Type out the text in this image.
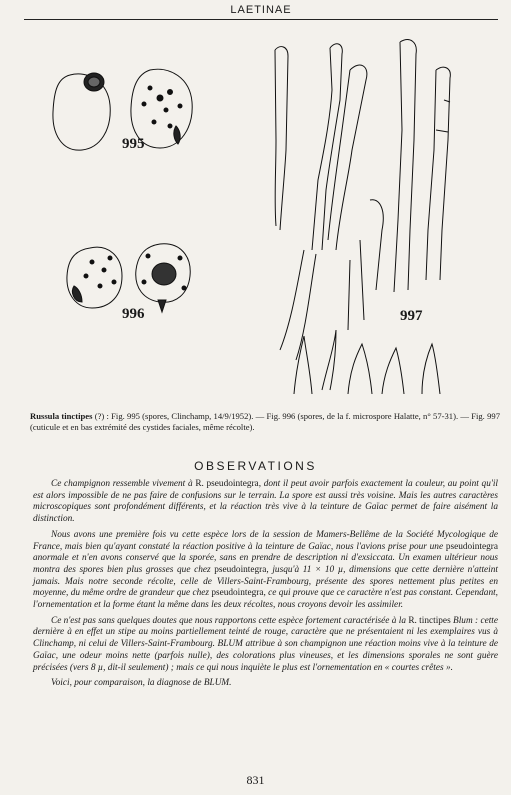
LAETINAE
995
996	997
Russula tinctipes (?) : Fig. 995 (spores, Clinchamp, 14/9/1952). — Fig. 996 (spores, de la f. microspore Halatte, n° 57-31). — Fig. 997 (cuticule et en bas extrémité des cystides faciales, même récolte).
OBSERVATIONS

Ce champignon ressemble vivement à R. pseudointegra, dont il peut avoir parfois exactement la couleur, au point qu'il est alors impossible de ne pas faire de confusions sur le terrain. La spore est aussi très voisine. Mais les autres caractères microscopiques sont profondément différents, et la réaction très vive à la teinture de Gaïac permet de faire aisément la distinction.

Nous avons une première fois vu cette espèce lors de la session de Mamers-Bellême de la Société Mycologique de France, mais bien qu'ayant constaté la réaction positive à la teinture de Gaïac, nous l'avions prise pour une pseudointegra anormale et n'en avons conservé que la sporée, sans en prendre de description ni d'exsiccata. Un examen ultérieur nous montra des spores bien plus grosses que chez pseudointegra, jusqu'à 11 × 10 µ, dimensions que cette dernière n'atteint jamais. Mais notre seconde récolte, celle de Villers-Saint-Frambourg, présente des spores nettement plus petites en moyenne, du même ordre de grandeur que chez pseudointegra, ce qui prouve que ce caractère n'est pas constant. Cependant, l'ornementation et la forme étant la même dans les deux récoltes, nous croyons devoir les assimiler.

Ce n'est pas sans quelques doutes que nous rapportons cette espèce fortement caractérisée à la R. tinctipes Blum : cette dernière à en effet un stipe au moins partiellement teinté de rouge, caractère que ne présentaient ni les exemplaires vus à Clinchamp, ni celui de Villers-Saint-Frambourg. BLUM attribue à son champignon une réaction moins vive à la teinture de Gaïac, une odeur moins nette (parfois nulle), des colorations plus vineuses, et les dimensions sporales ne sont guère précisées (vers 8 µ, dit-il seulement) ; mais ce qui nous inquiète le plus est l'ornementation en « courtes crêtes ».

Voici, pour comparaison, la diagnose de BLUM.

831
